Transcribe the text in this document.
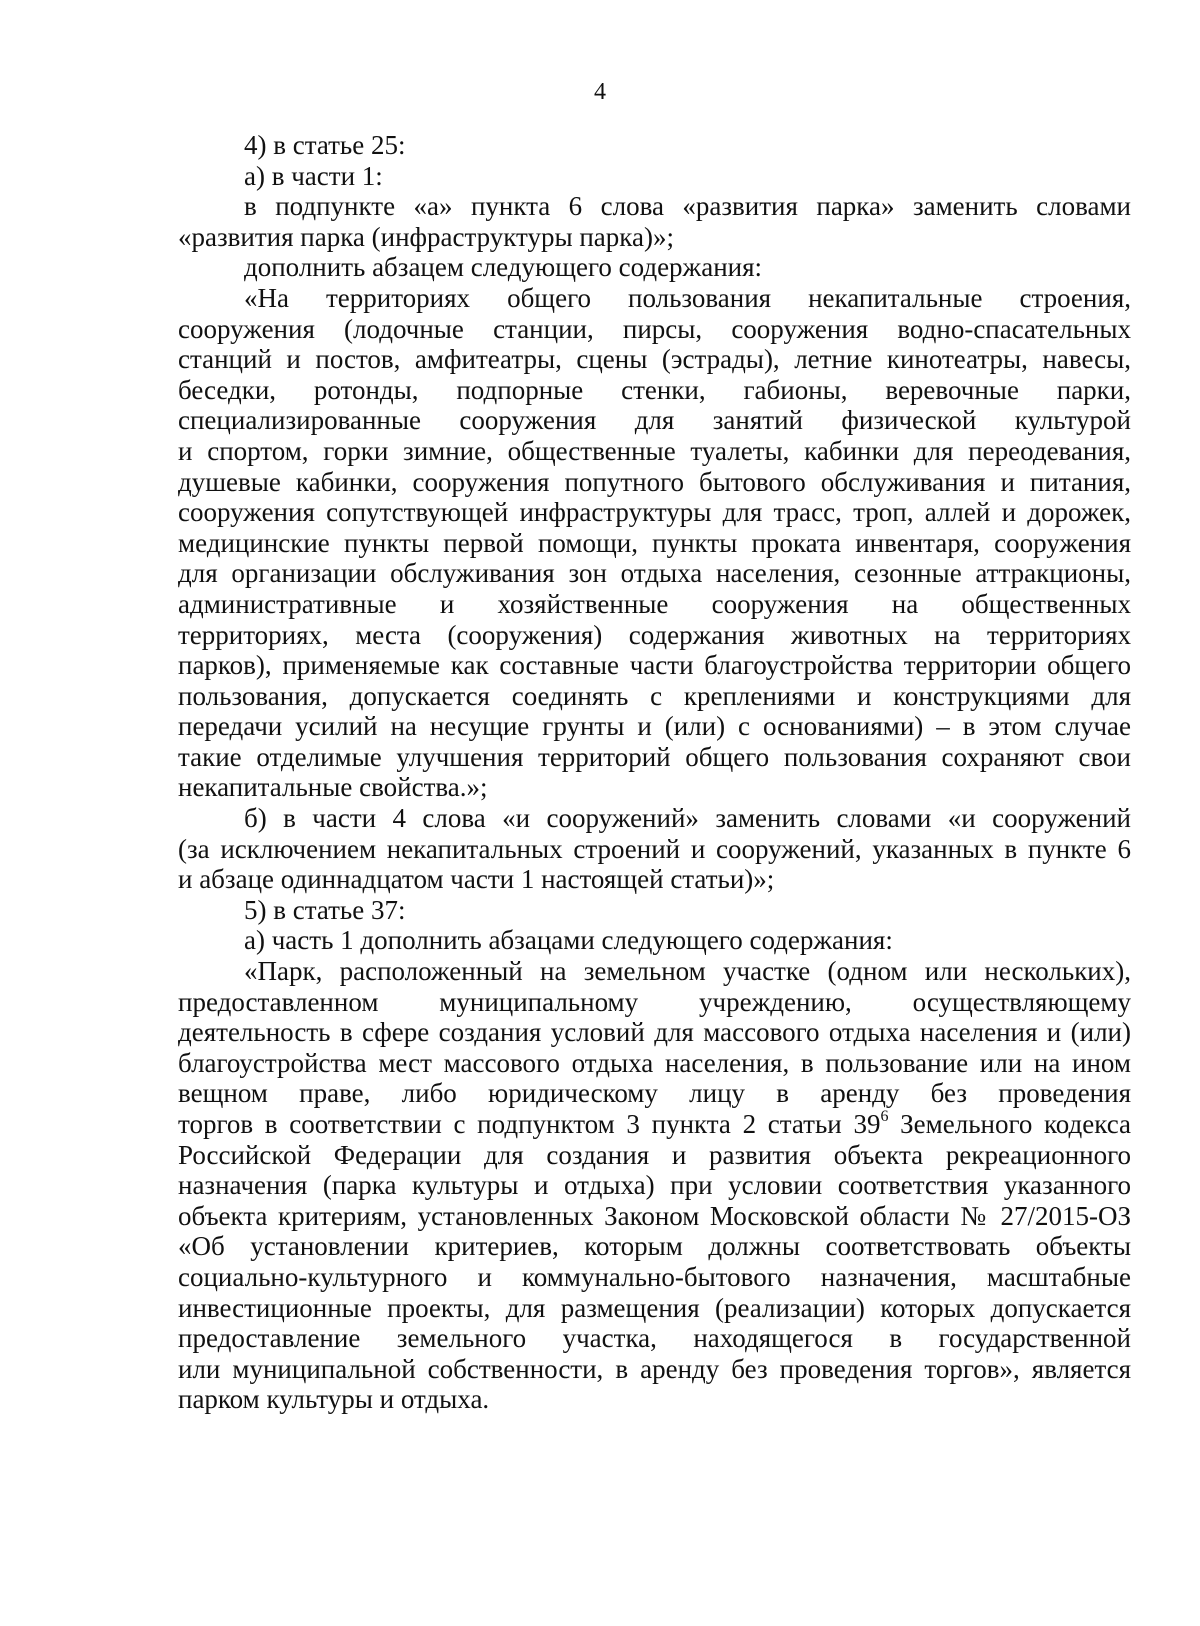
4
4) в статье 25:
а) в части 1:
в подпункте «а» пункта 6 слова «развития парка» заменить словами
«развития парка (инфраструктуры парка)»;
дополнить абзацем следующего содержания:
«На территориях общего пользования некапитальные строения,
сооружения (лодочные станции, пирсы, сооружения водно-спасательных
станций и постов, амфитеатры, сцены (эстрады), летние кинотеатры, навесы,
беседки, ротонды, подпорные стенки, габионы, веревочные парки,
специализированные сооружения для занятий физической культурой
и спортом, горки зимние, общественные туалеты, кабинки для переодевания,
душевые кабинки, сооружения попутного бытового обслуживания и питания,
сооружения сопутствующей инфраструктуры для трасс, троп, аллей и дорожек,
медицинские пункты первой помощи, пункты проката инвентаря, сооружения
для организации обслуживания зон отдыха населения, сезонные аттракционы,
административные и хозяйственные сооружения на общественных
территориях, места (сооружения) содержания животных на территориях
парков), применяемые как составные части благоустройства территории общего
пользования, допускается соединять с креплениями и конструкциями для
передачи усилий на несущие грунты и (или) с основаниями) – в этом случае
такие отделимые улучшения территорий общего пользования сохраняют свои
некапитальные свойства.»;
б) в части 4 слова «и сооружений» заменить словами «и сооружений
(за исключением некапитальных строений и сооружений, указанных в пункте 6
и абзаце одиннадцатом части 1 настоящей статьи)»;
5) в статье 37:
а) часть 1 дополнить абзацами следующего содержания:
«Парк, расположенный на земельном участке (одном или нескольких),
предоставленном муниципальному учреждению, осуществляющему
деятельность в сфере создания условий для массового отдыха населения и (или)
благоустройства мест массового отдыха населения, в пользование или на ином
вещном праве, либо юридическому лицу в аренду без проведения
торгов в соответствии с подпунктом 3 пункта 2 статьи $39^6$ Земельного кодекса
Российской Федерации для создания и развития объекта рекреационного
назначения (парка культуры и отдыха) при условии соответствия указанного
объекта критериям, установленных Законом Московской области № 27/2015-ОЗ
«Об установлении критериев, которым должны соответствовать объекты
социально-культурного и коммунально-бытового назначения, масштабные
инвестиционные проекты, для размещения (реализации) которых допускается
предоставление земельного участка, находящегося в государственной
или муниципальной собственности, в аренду без проведения торгов», является
парком культуры и отдыха.
